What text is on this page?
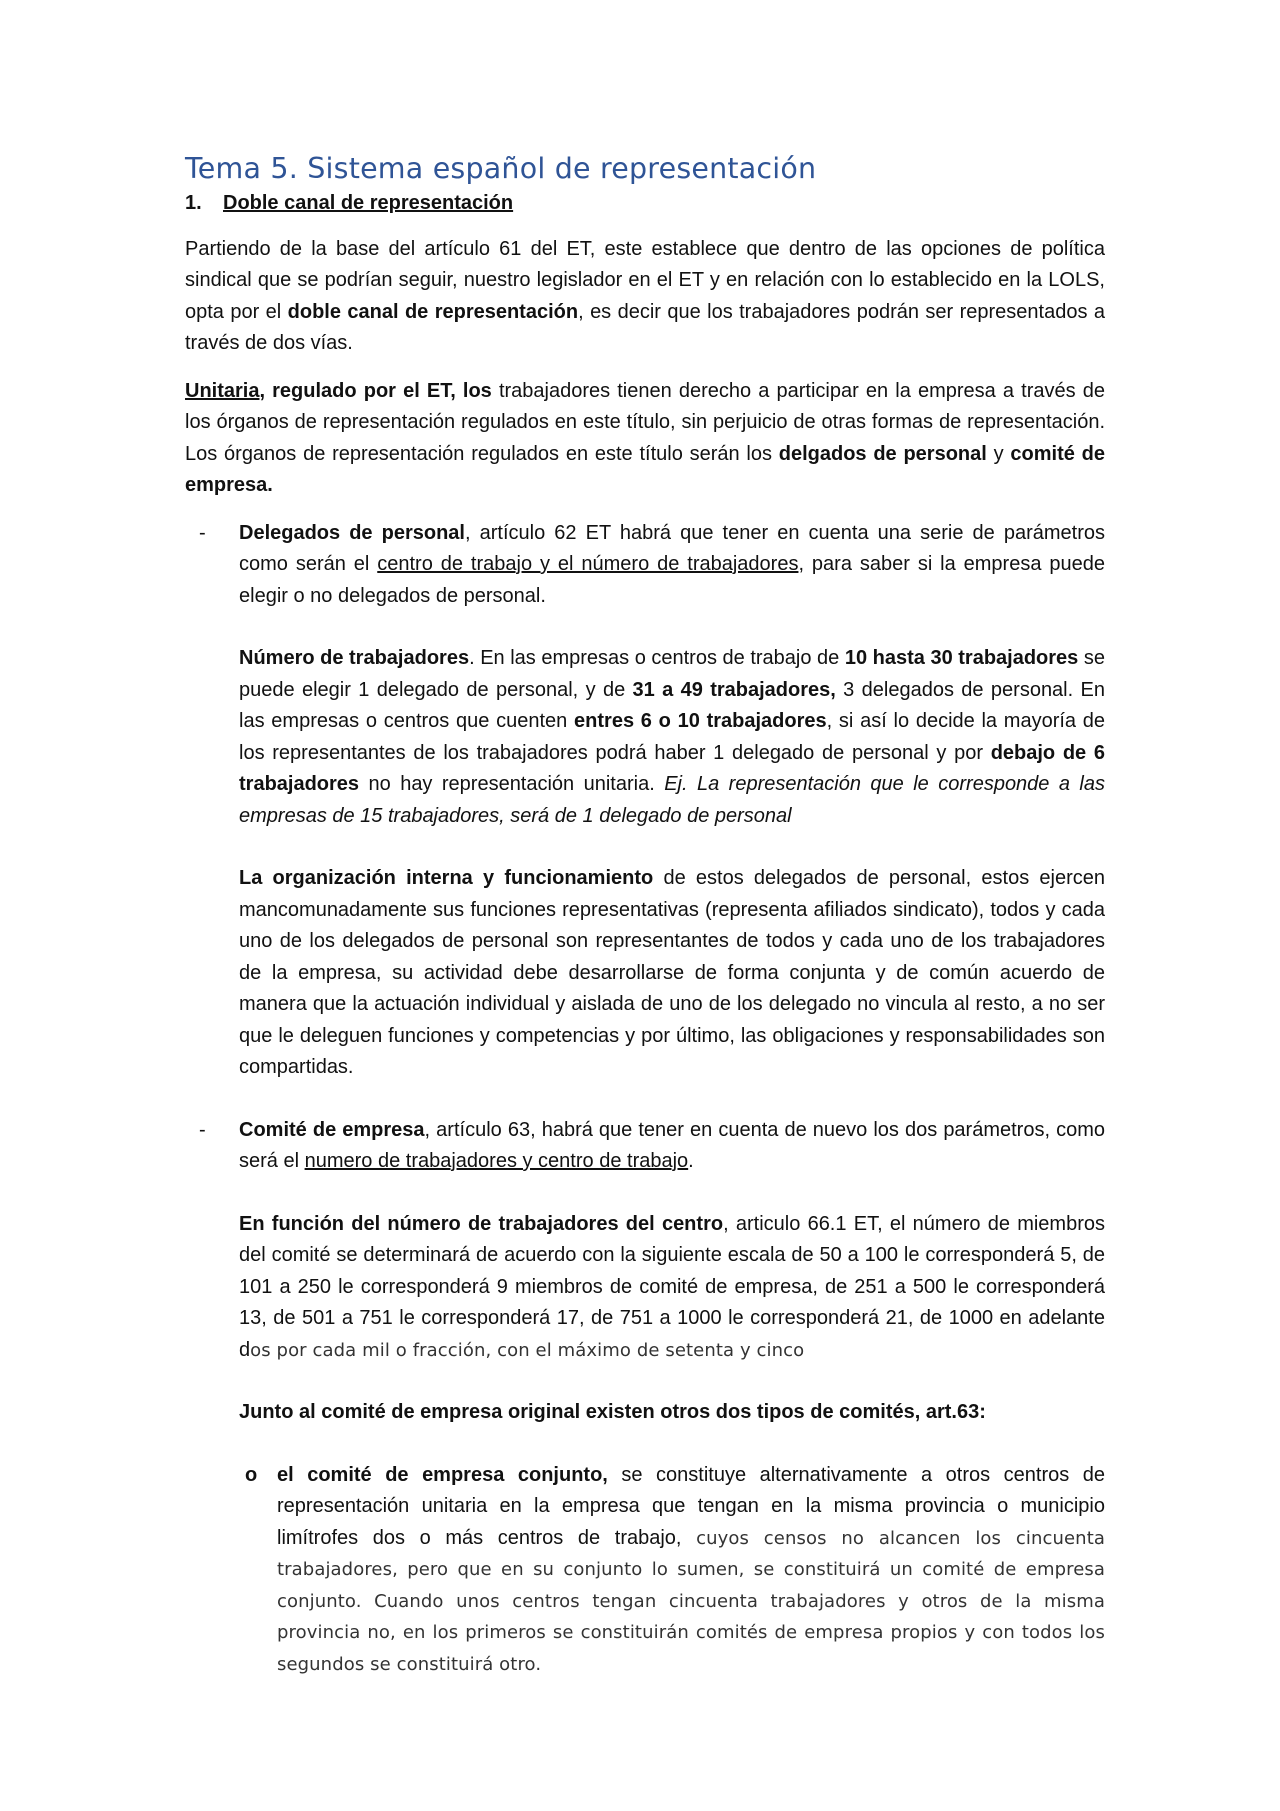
Tema 5. Sistema español de representación
1.	Doble canal de representación

Partiendo de la base del artículo 61 del ET, este establece que dentro de las opciones de política sindical que se podrían seguir, nuestro legislador en el ET y en relación con lo establecido en la LOLS, opta por el doble canal de representación, es decir que los trabajadores podrán ser representados a través de dos vías.

Unitaria, regulado por el ET, los trabajadores tienen derecho a participar en la empresa a través de los órganos de representación regulados en este título, sin perjuicio de otras formas de representación. Los órganos de representación regulados en este título serán los delgados de personal y comité de empresa.

- Delegados de personal, artículo 62 ET habrá que tener en cuenta una serie de parámetros como serán el centro de trabajo y el número de trabajadores, para saber si la empresa puede elegir o no delegados de personal.

Número de trabajadores. En las empresas o centros de trabajo de 10 hasta 30 trabajadores se puede elegir 1 delegado de personal, y de 31 a 49 trabajadores, 3 delegados de personal. En las empresas o centros que cuenten entres 6 o 10 trabajadores, si así lo decide la mayoría de los representantes de los trabajadores podrá haber 1 delegado de personal y por debajo de 6 trabajadores no hay representación unitaria. Ej. La representación que le corresponde a las empresas de 15 trabajadores, será de 1 delegado de personal

La organización interna y funcionamiento de estos delegados de personal, estos ejercen mancomunadamente sus funciones representativas (representa afiliados sindicato), todos y cada uno de los delegados de personal son representantes de todos y cada uno de los trabajadores de la empresa, su actividad debe desarrollarse de forma conjunta y de común acuerdo de manera que la actuación individual y aislada de uno de los delegado no vincula al resto, a no ser que le deleguen funciones y competencias y por último, las obligaciones y responsabilidades son compartidas.

- Comité de empresa, artículo 63, habrá que tener en cuenta de nuevo los dos parámetros, como será el numero de trabajadores y centro de trabajo.

En función del número de trabajadores del centro, articulo 66.1 ET, el número de miembros del comité se determinará de acuerdo con la siguiente escala de 50 a 100 le corresponderá 5, de 101 a 250 le corresponderá 9 miembros de comité de empresa, de 251 a 500 le corresponderá 13, de 501 a 751 le corresponderá 17, de 751 a 1000 le corresponderá 21, de 1000 en adelante dos por cada mil o fracción, con el máximo de setenta y cinco

Junto al comité de empresa original existen otros dos tipos de comités, art.63:

o el comité de empresa conjunto, se constituye alternativamente a otros centros de representación unitaria en la empresa que tengan en la misma provincia o municipio limítrofes dos o más centros de trabajo, cuyos censos no alcancen los cincuenta trabajadores, pero que en su conjunto lo sumen, se constituirá un comité de empresa conjunto. Cuando unos centros tengan cincuenta trabajadores y otros de la misma provincia no, en los primeros se constituirán comités de empresa propios y con todos los segundos se constituirá otro.
